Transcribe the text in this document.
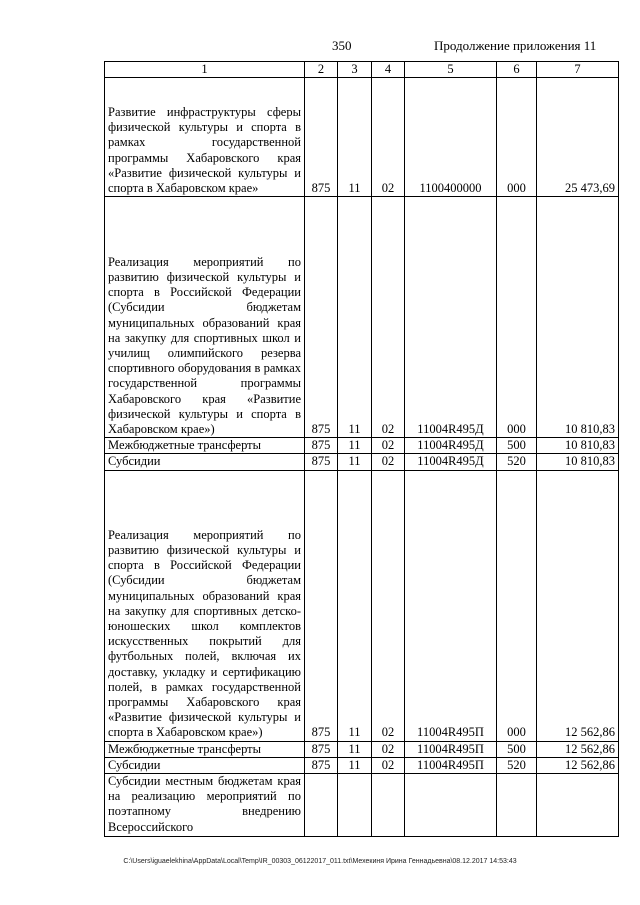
350	Продолжение приложения 11
1	2	3	4	5	6	7
Развитие инфраструктуры сферы физической культуры и спорта в рамках государственной программы Хабаровского края «Развитие физической культуры и спорта в Хабаровском крае»	875	11	02	1100400000	000	25 473,69
Реализация мероприятий по развитию физической культуры и спорта в Российской Федерации (Субсидии бюджетам муниципальных образований края на закупку для спортивных школ и училищ олимпийского резерва спортивного оборудования в рамках государственной программы Хабаровского края «Развитие физической культуры и спорта в Хабаровском крае»)	875	11	02	11004R495Д	000	10 810,83
Межбюджетные трансферты	875	11	02	11004R495Д	500	10 810,83
Субсидии	875	11	02	11004R495Д	520	10 810,83
Реализация мероприятий по развитию физической культуры и спорта в Российской Федерации (Субсидии бюджетам муниципальных образований края на закупку для спортивных детско-юношеских школ комплектов искусственных покрытий для футбольных полей, включая их доставку, укладку и сертификацию полей, в рамках государственной программы Хабаровского края «Развитие физической культуры и спорта в Хабаровском крае»)	875	11	02	11004R495П	000	12 562,86
Межбюджетные трансферты	875	11	02	11004R495П	500	12 562,86
Субсидии	875	11	02	11004R495П	520	12 562,86
Субсидии местным бюджетам края на реализацию мероприятий по поэтапному внедрению Всероссийского						
C:\Users\iguaelekhina\AppData\Local\Temp\IR_00303_06122017_011.txt\Мехекиня Ирина Геннадьевна\08.12.2017 14:53:43
